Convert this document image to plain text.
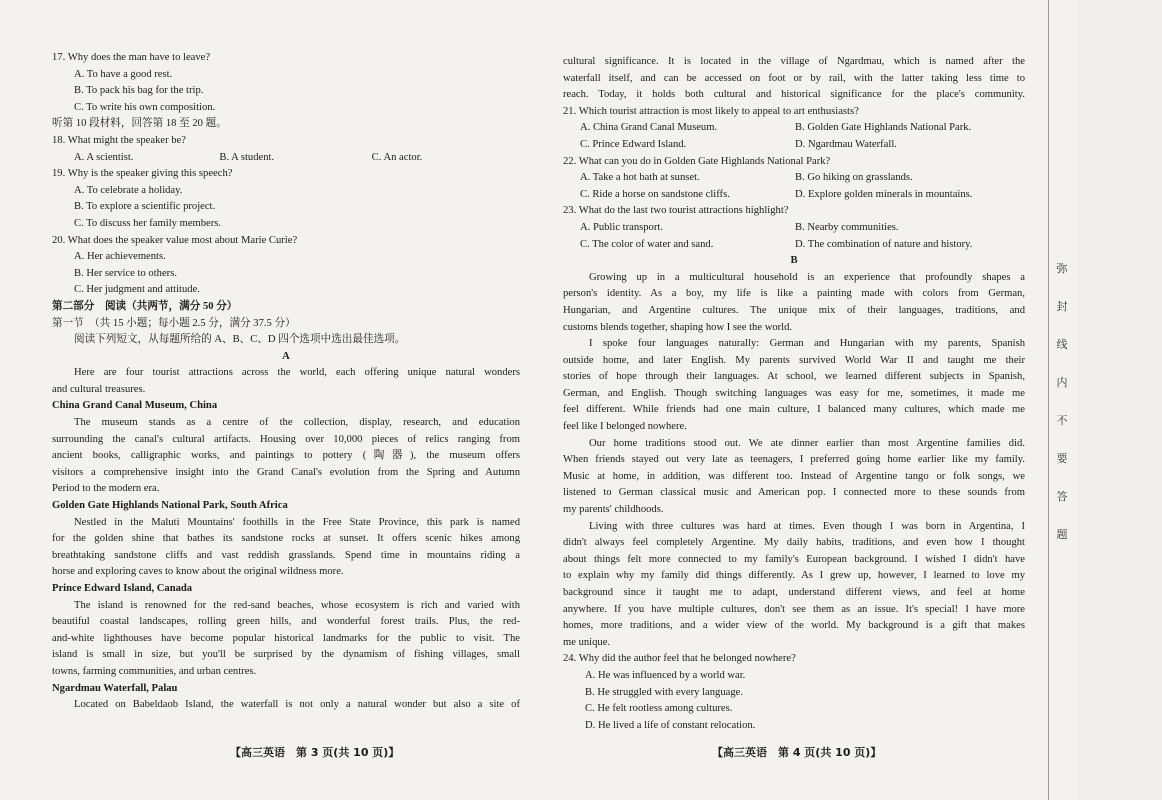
17. Why does the man have to leave?
A. To have a good rest.
B. To pack his bag for the trip.
C. To write his own composition.
听第 10 段材料，回答第 18 至 20 题。
18. What might the speaker be?
A. A scientist.	B. A student.	C. An actor.
19. Why is the speaker giving this speech?
A. To celebrate a holiday.
B. To explore a scientific project.
C. To discuss her family members.
20. What does the speaker value most about Marie Curie?
A. Her achievements.
B. Her service to others.
C. Her judgment and attitude.
第二部分　阅读（共两节，满分 50 分）
第一节　（共 15 小题；每小题 2.5 分，满分 37.5 分）
阅读下列短文，从每题所给的 A、B、C、D 四个选项中选出最佳选项。
A
Here are four tourist attractions across the world, each offering unique natural wonders
and cultural treasures.
China Grand Canal Museum, China
The museum stands as a centre of the collection, display, research, and education
surrounding the canal's cultural artifacts. Housing over 10,000 pieces of relics ranging from
ancient books, calligraphic works, and paintings to pottery (陶器), the museum offers
visitors a comprehensive insight into the Grand Canal's evolution from the Spring and Autumn
Period to the modern era.
Golden Gate Highlands National Park, South Africa
Nestled in the Maluti Mountains' foothills in the Free State Province, this park is named
for the golden shine that bathes its sandstone rocks at sunset. It offers scenic hikes among
breathtaking sandstone cliffs and vast reddish grasslands. Spend time in mountains riding a
horse and exploring caves to know about the original wildness more.
Prince Edward Island, Canada
The island is renowned for the red-sand beaches, whose ecosystem is rich and varied with
beautiful coastal landscapes, rolling green hills, and wonderful forest trails. Plus, the red-
and-white lighthouses have become popular historical landmarks for the public to visit. The
island is small in size, but you'll be surprised by the dynamism of fishing villages, small
towns, farming communities, and urban centres.
Ngardmau Waterfall, Palau
Located on Babeldaob Island, the waterfall is not only a natural wonder but also a site of
cultural significance. It is located in the village of Ngardmau, which is named after the
waterfall itself, and can be accessed on foot or by rail, with the latter taking less time to
reach. Today, it holds both cultural and historical significance for the place's community.
21. Which tourist attraction is most likely to appeal to art enthusiasts?
A. China Grand Canal Museum.	B. Golden Gate Highlands National Park.
C. Prince Edward Island.	D. Ngardmau Waterfall.
22. What can you do in Golden Gate Highlands National Park?
A. Take a hot bath at sunset.	B. Go hiking on grasslands.
C. Ride a horse on sandstone cliffs.	D. Explore golden minerals in mountains.
23. What do the last two tourist attractions highlight?
A. Public transport.	B. Nearby communities.
C. The color of water and sand.	D. The combination of nature and history.
B
Growing up in a multicultural household is an experience that profoundly shapes a
person's identity. As a boy, my life is like a painting made with colors from German,
Hungarian, and Argentine cultures. The unique mix of their languages, traditions, and
customs blends together, shaping how I see the world.
I spoke four languages naturally: German and Hungarian with my parents, Spanish
outside home, and later English. My parents survived World War II and taught me their
stories of hope through their languages. At school, we learned different subjects in Spanish,
German, and English. Though switching languages was easy for me, sometimes, it made me
feel different. While friends had one main culture, I balanced many cultures, which made me
feel like I belonged nowhere.
Our home traditions stood out. We ate dinner earlier than most Argentine families did.
When friends stayed out very late as teenagers, I preferred going home earlier like my family.
Music at home, in addition, was different too. Instead of Argentine tango or folk songs, we
listened to German classical music and American pop. I connected more to these sounds from
my parents' childhoods.
Living with three cultures was hard at times. Even though I was born in Argentina, I
didn't always feel completely Argentine. My daily habits, traditions, and even how I thought
about things felt more connected to my family's European background. I wished I didn't have
to explain why my family did things differently. As I grew up, however, I learned to love my
background since it taught me to adapt, understand different views, and feel at home
anywhere. If you have multiple cultures, don't see them as an issue. It's special! I have more
homes, more traditions, and a wider view of the world. My background is a gift that makes
me unique.
24. Why did the author feel that he belonged nowhere?
A. He was influenced by a world war.
B. He struggled with every language.
C. He felt rootless among cultures.
D. He lived a life of constant relocation.
【高三英语　第 3 页(共 10 页)】	【高三英语　第 4 页(共 10 页)】
弥
封
线
内
不
要
答
题
